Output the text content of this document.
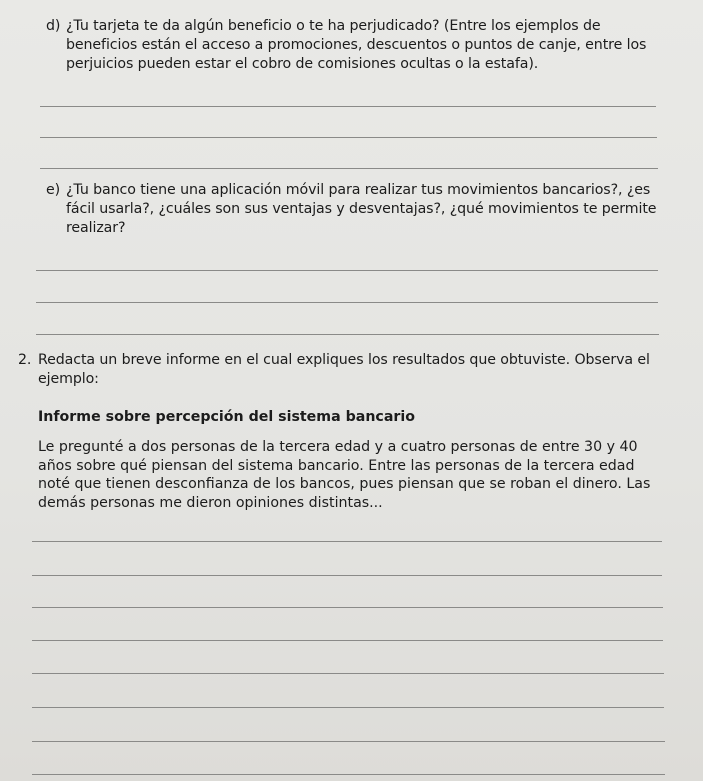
d) ¿Tu tarjeta te da algún beneficio o te ha perjudicado? (Entre los ejemplos de beneficios están el acceso a promociones, descuentos o puntos de canje, entre los perjuicios pueden estar el cobro de comisiones ocultas o la estafa).
e) ¿Tu banco tiene una aplicación móvil para realizar tus movimientos bancarios?, ¿es fácil usarla?, ¿cuáles son sus ventajas y desventajas?, ¿qué movimientos te permite realizar?
2. Redacta un breve informe en el cual expliques los resultados que obtuviste. Observa el ejemplo:
Informe sobre percepción del sistema bancario
Le pregunté a dos personas de la tercera edad y a cuatro personas de entre 30 y 40 años sobre qué piensan del sistema bancario. Entre las personas de la tercera edad noté que tienen desconfianza de los bancos, pues piensan que se roban el dinero. Las demás personas me dieron opiniones distintas...
